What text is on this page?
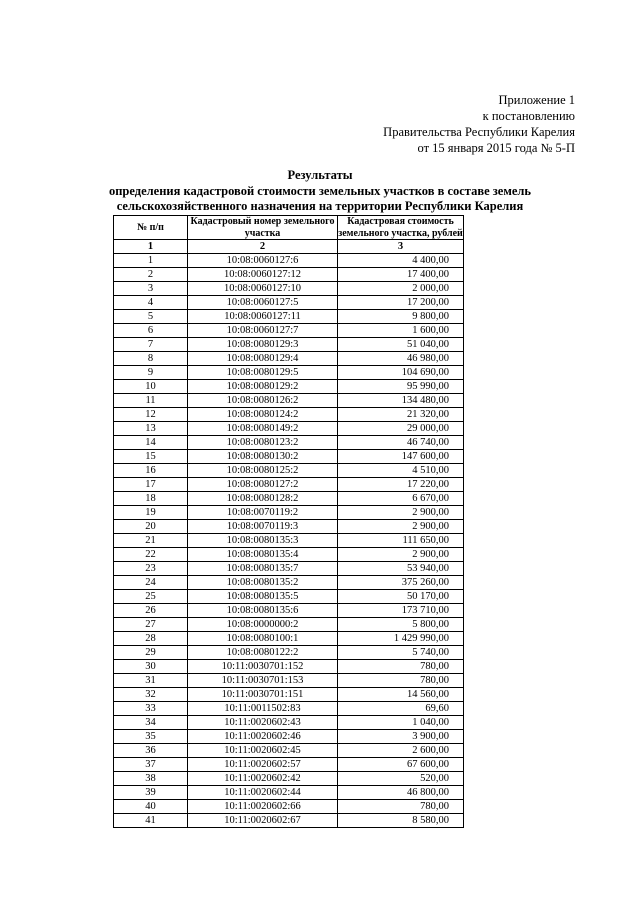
Приложение 1
к постановлению
Правительства Республики Карелия
от 15 января 2015 года № 5-П
Результаты
определения кадастровой стоимости земельных участков в составе земель
сельскохозяйственного назначения на территории Республики Карелия
№ п/п	Кадастровый номер земельного участка	Кадастровая стоимость земельного участка, рублей
1	2	3
1	10:08:0060127:6	4 400,00
2	10:08:0060127:12	17 400,00
3	10:08:0060127:10	2 000,00
4	10:08:0060127:5	17 200,00
5	10:08:0060127:11	9 800,00
6	10:08:0060127:7	1 600,00
7	10:08:0080129:3	51 040,00
8	10:08:0080129:4	46 980,00
9	10:08:0080129:5	104 690,00
10	10:08:0080129:2	95 990,00
11	10:08:0080126:2	134 480,00
12	10:08:0080124:2	21 320,00
13	10:08:0080149:2	29 000,00
14	10:08:0080123:2	46 740,00
15	10:08:0080130:2	147 600,00
16	10:08:0080125:2	4 510,00
17	10:08:0080127:2	17 220,00
18	10:08:0080128:2	6 670,00
19	10:08:0070119:2	2 900,00
20	10:08:0070119:3	2 900,00
21	10:08:0080135:3	111 650,00
22	10:08:0080135:4	2 900,00
23	10:08:0080135:7	53 940,00
24	10:08:0080135:2	375 260,00
25	10:08:0080135:5	50 170,00
26	10:08:0080135:6	173 710,00
27	10:08:0000000:2	5 800,00
28	10:08:0080100:1	1 429 990,00
29	10:08:0080122:2	5 740,00
30	10:11:0030701:152	780,00
31	10:11:0030701:153	780,00
32	10:11:0030701:151	14 560,00
33	10:11:0011502:83	69,60
34	10:11:0020602:43	1 040,00
35	10:11:0020602:46	3 900,00
36	10:11:0020602:45	2 600,00
37	10:11:0020602:57	67 600,00
38	10:11:0020602:42	520,00
39	10:11:0020602:44	46 800,00
40	10:11:0020602:66	780,00
41	10:11:0020602:67	8 580,00
